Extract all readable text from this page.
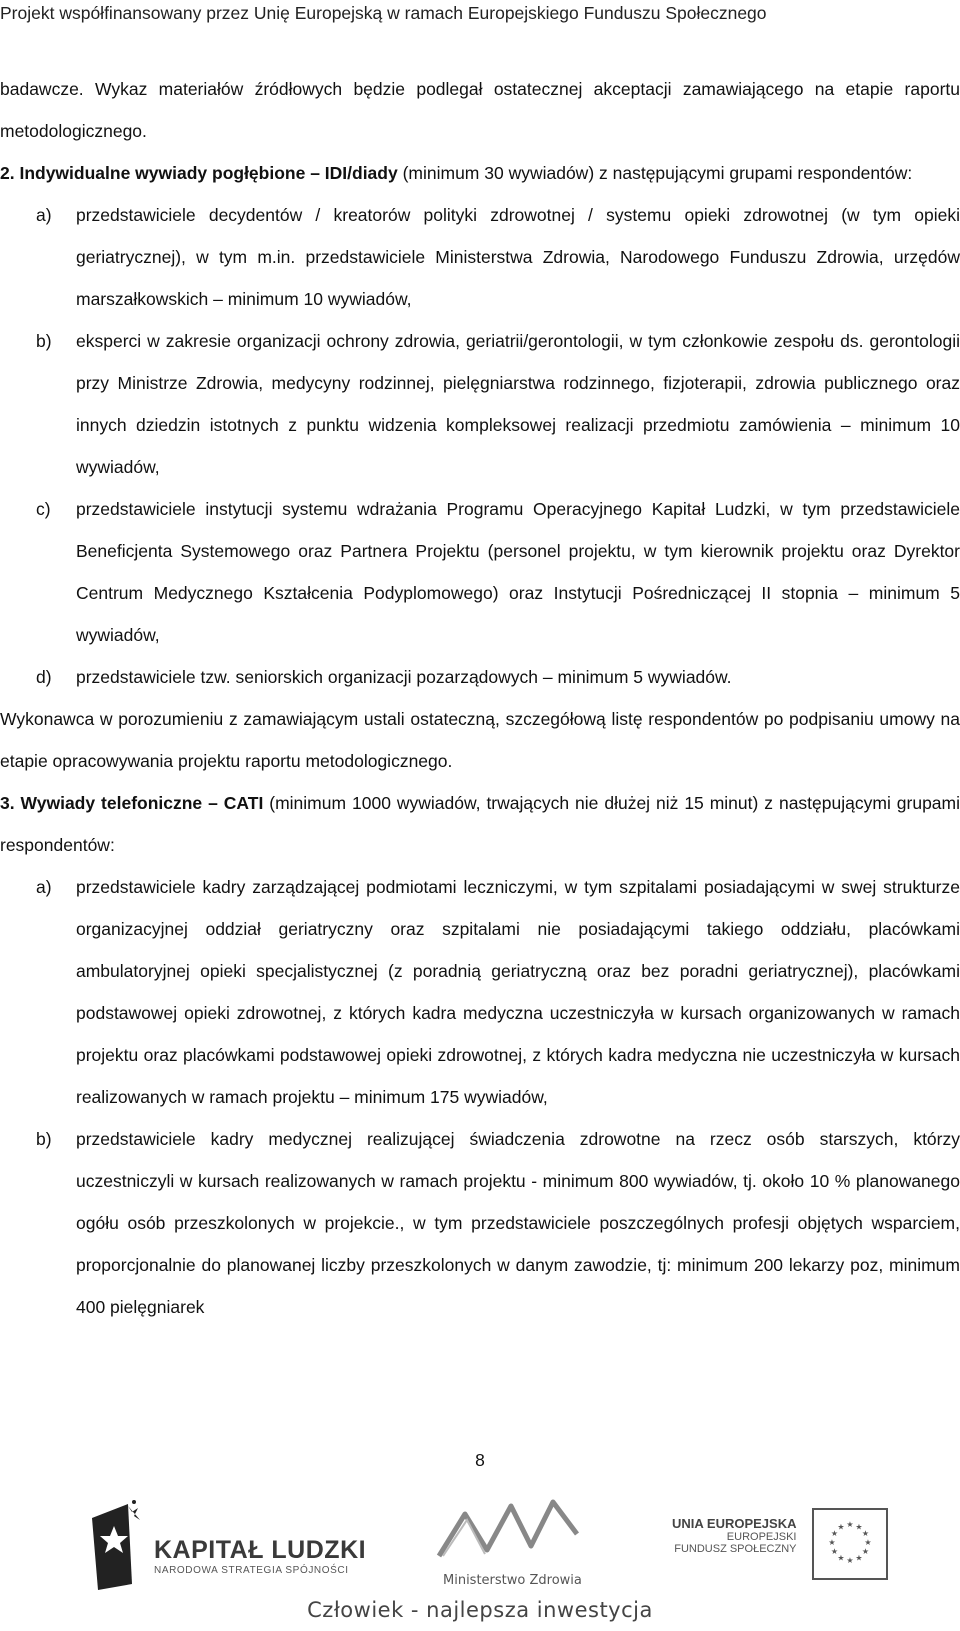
Projekt współfinansowany przez Unię Europejską w ramach Europejskiego Funduszu Społecznego

badawcze. Wykaz materiałów źródłowych będzie podlegał ostatecznej akceptacji zamawiającego na etapie raportu metodologicznego.

2. Indywidualne wywiady pogłębione – IDI/diady (minimum 30 wywiadów) z następującymi grupami respondentów:

a) przedstawiciele decydentów / kreatorów polityki zdrowotnej / systemu opieki zdrowotnej (w tym opieki geriatrycznej), w tym m.in. przedstawiciele Ministerstwa Zdrowia, Narodowego Funduszu Zdrowia, urzędów marszałkowskich – minimum 10 wywiadów,
b) eksperci w zakresie organizacji ochrony zdrowia, geriatrii/gerontologii, w tym członkowie zespołu ds. gerontologii przy Ministrze Zdrowia, medycyny rodzinnej, pielęgniarstwa rodzinnego, fizjoterapii, zdrowia publicznego oraz innych dziedzin istotnych z punktu widzenia kompleksowej realizacji przedmiotu zamówienia – minimum 10 wywiadów,
c) przedstawiciele instytucji systemu wdrażania Programu Operacyjnego Kapitał Ludzki, w tym przedstawiciele Beneficjenta Systemowego oraz Partnera Projektu (personel projektu, w tym kierownik projektu oraz Dyrektor Centrum Medycznego Kształcenia Podyplomowego) oraz Instytucji Pośredniczącej II stopnia – minimum 5 wywiadów,
d) przedstawiciele tzw. seniorskich organizacji pozarządowych – minimum 5 wywiadów.

Wykonawca w porozumieniu z zamawiającym ustali ostateczną, szczegółową listę respondentów po podpisaniu umowy na etapie opracowywania projektu raportu metodologicznego.

3. Wywiady telefoniczne – CATI (minimum 1000 wywiadów, trwających nie dłużej niż 15 minut) z następującymi grupami respondentów:

a) przedstawiciele kadry zarządzającej podmiotami leczniczymi, w tym szpitalami posiadającymi w swej strukturze organizacyjnej oddział geriatryczny oraz szpitalami nie posiadającymi takiego oddziału, placówkami ambulatoryjnej opieki specjalistycznej (z poradnią geriatryczną oraz bez poradni geriatrycznej), placówkami podstawowej opieki zdrowotnej, z których kadra medyczna uczestniczyła w kursach organizowanych w ramach projektu oraz placówkami podstawowej opieki zdrowotnej, z których kadra medyczna nie uczestniczyła w kursach realizowanych w ramach projektu – minimum 175 wywiadów,
b) przedstawiciele kadry medycznej realizującej świadczenia zdrowotne na rzecz osób starszych, którzy uczestniczyli w kursach realizowanych w ramach projektu - minimum 800 wywiadów, tj. około 10 % planowanego ogółu osób przeszkolonych w projekcie., w tym przedstawiciele poszczególnych profesji objętych wsparciem, proporcjonalnie do planowanej liczby przeszkolonych w danym zawodzie, tj: minimum 200 lekarzy poz, minimum 400 pielęgniarek
8
KAPITAŁ LUDZKI
NARODOWA STRATEGIA SPÓJNOŚCI
Ministerstwo Zdrowia
UNIA EUROPEJSKA
EUROPEJSKI
FUNDUSZ SPOŁECZNY
★ ★
★
★
★
★
★
★
★
★
★
★
Człowiek - najlepsza inwestycja
